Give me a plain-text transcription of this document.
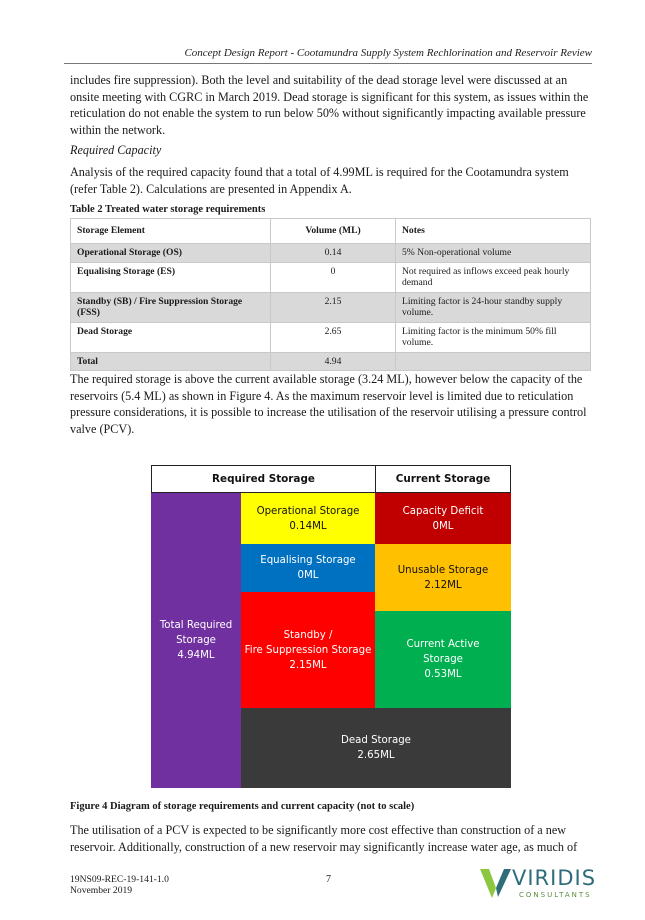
Concept Design Report - Cootamundra Supply System Rechlorination and Reservoir Review

includes fire suppression). Both the level and suitability of the dead storage level were discussed at an onsite meeting with CGRC in March 2019. Dead storage is significant for this system, as issues within the reticulation do not enable the system to run below 50% without significantly impacting available pressure within the network.

Required Capacity

Analysis of the required capacity found that a total of 4.99ML is required for the Cootamundra system (refer Table 2). Calculations are presented in Appendix A.

Table 2 Treated water storage requirements
Storage Element	Volume (ML)	Notes
Operational Storage (OS)	0.14	5% Non-operational volume
Equalising Storage (ES)	0	Not required as inflows exceed peak hourly demand
Standby (SB) / Fire Suppression Storage (FSS)	2.15	Limiting factor is 24-hour standby supply volume.
Dead Storage	2.65	Limiting factor is the minimum 50% fill volume.
Total	4.94	

The required storage is above the current available storage (3.24 ML), however below the capacity of the reservoirs (5.4 ML) as shown in Figure 4. As the maximum reservoir level is limited due to reticulation pressure considerations, it is possible to increase the utilisation of the reservoir utilising a pressure control valve (PCV).

Required Storage	Current Storage
Total Required Storage
4.94ML
Operational Storage
0.14ML
Equalising Storage
0ML
Standby /
Fire Suppression Storage
2.15ML
Capacity Deficit
0ML
Unusable Storage
2.12ML
Current Active Storage
0.53ML
Dead Storage
2.65ML
Figure 4 Diagram of storage requirements and current capacity (not to scale)

The utilisation of a PCV is expected to be significantly more cost effective than construction of a new reservoir. Additionally, construction of a new reservoir may significantly increase water age, as much of

19NS09-REC-19-141-1.0
November 2019
7	VIRIDIS
CONSULTANTS
